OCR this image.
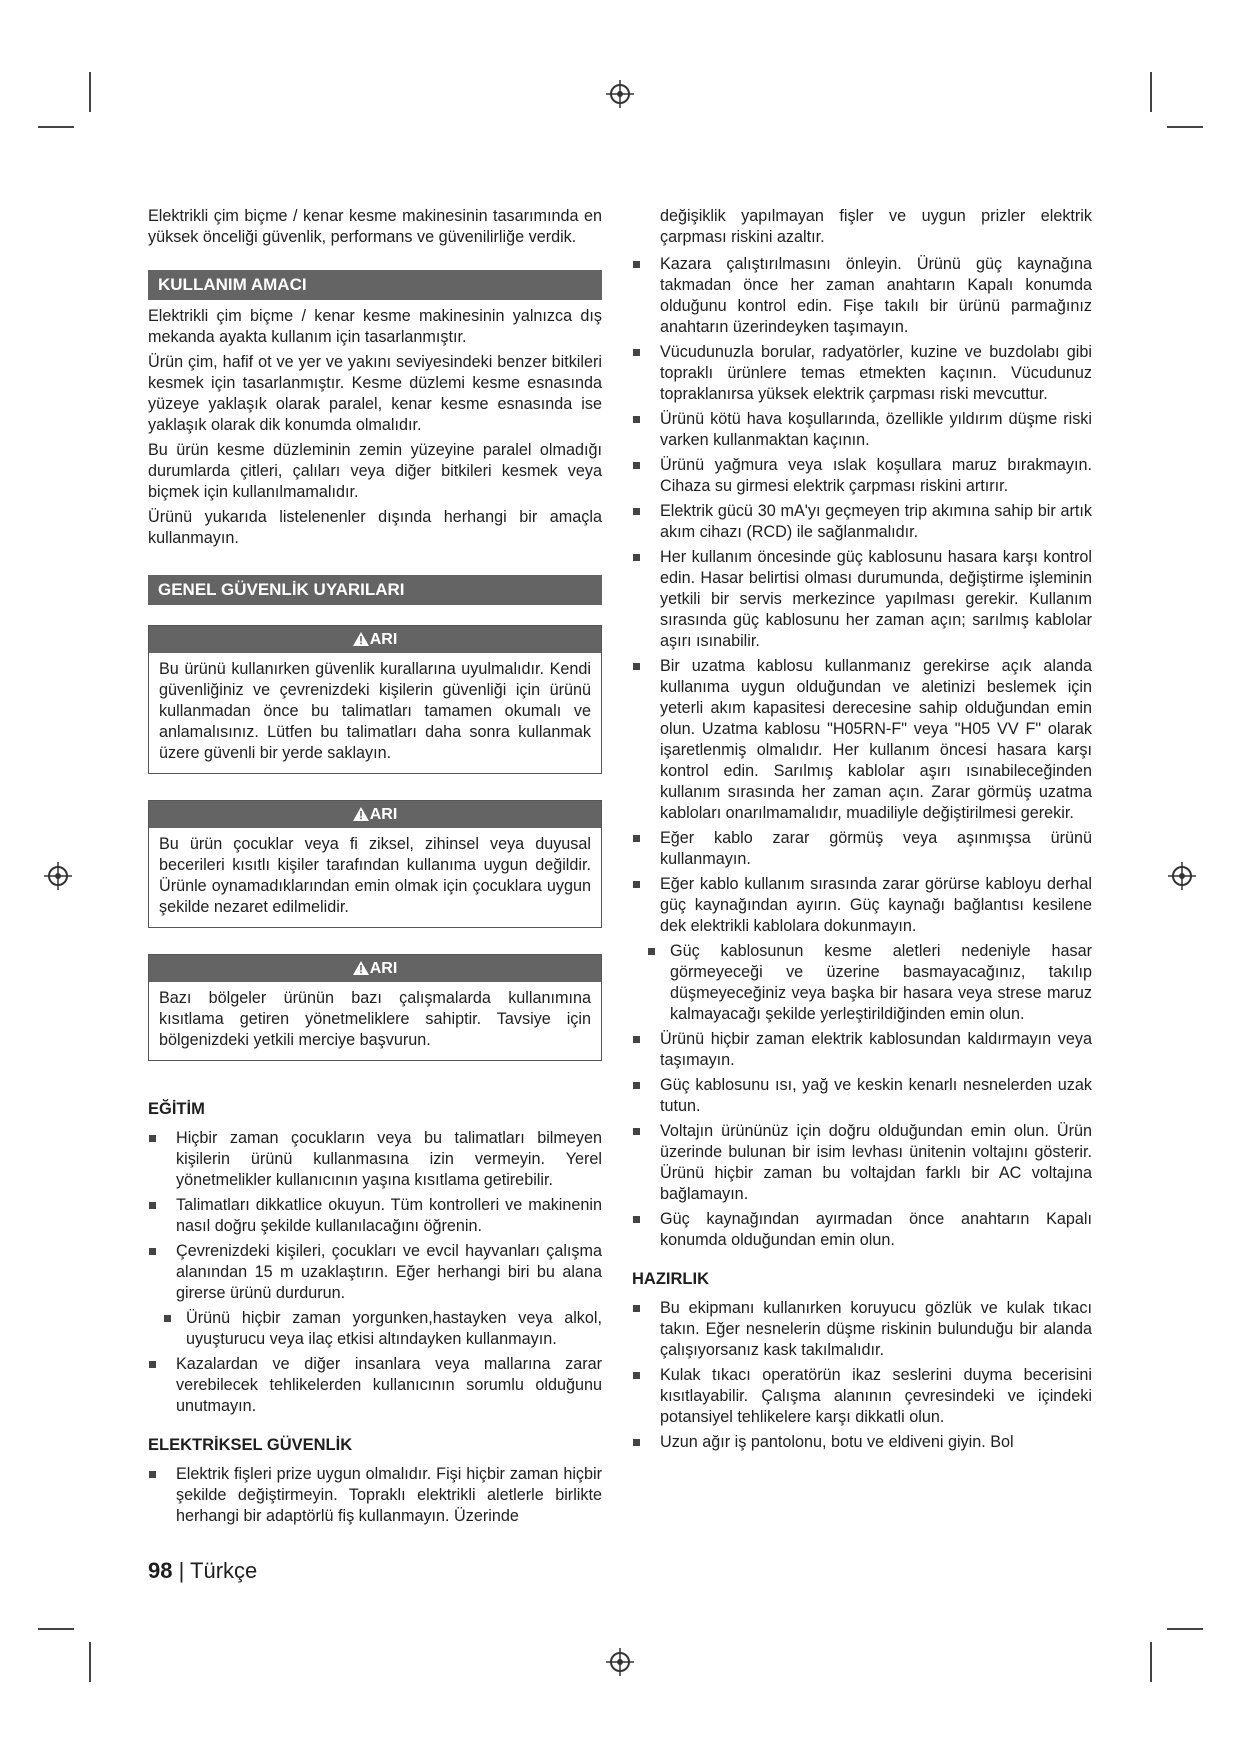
Elektrikli çim biçme / kenar kesme makinesinin tasarımında en yüksek önceliği güvenlik, performans ve güvenilirliğe verdik.

KULLANIM AMACI

Elektrikli çim biçme / kenar kesme makinesinin yalnızca dış mekanda ayakta kullanım için tasarlanmıştır.

Ürün çim, hafif ot ve yer ve yakını seviyesindeki benzer bitkileri kesmek için tasarlanmıştır. Kesme düzlemi kesme esnasında yüzeye yaklaşık olarak paralel, kenar kesme esnasında ise yaklaşık olarak dik konumda olmalıdır.

Bu ürün kesme düzleminin zemin yüzeyine paralel olmadığı durumlarda çitleri, çalıları veya diğer bitkileri kesmek veya biçmek için kullanılmamalıdır.

Ürünü yukarıda listelenenler dışında herhangi bir amaçla kullanmayın.

GENEL GÜVENLİK UYARILARI
ARI
Bu ürünü kullanırken güvenlik kurallarına uyulmalıdır. Kendi güvenliğiniz ve çevrenizdeki kişilerin güvenliği için ürünü kullanmadan önce bu talimatları tamamen okumalı ve anlamalısınız. Lütfen bu talimatları daha sonra kullanmak üzere güvenli bir yerde saklayın.
ARI
Bu ürün çocuklar veya fi ziksel, zihinsel veya duyusal becerileri kısıtlı kişiler tarafından kullanıma uygun değildir. Ürünle oynamadıklarından emin olmak için çocuklara uygun şekilde nezaret edilmelidir.
ARI
Bazı bölgeler ürünün bazı çalışmalarda kullanımına kısıtlama getiren yönetmeliklere sahiptir. Tavsiye için bölgenizdeki yetkili merciye başvurun.
EĞİTİM
Hiçbir zaman çocukların veya bu talimatları bilmeyen kişilerin ürünü kullanmasına izin vermeyin. Yerel yönetmelikler kullanıcının yaşına kısıtlama getirebilir.
Talimatları dikkatlice okuyun. Tüm kontrolleri ve makinenin nasıl doğru şekilde kullanılacağını öğrenin.
Çevrenizdeki kişileri, çocukları ve evcil hayvanları çalışma alanından 15 m uzaklaştırın. Eğer herhangi biri bu alana girerse ürünü durdurun.
Ürünü hiçbir zaman yorgunken,hastayken veya alkol, uyuşturucu veya ilaç etkisi altındayken kullanmayın.
Kazalardan ve diğer insanlara veya mallarına zarar verebilecek tehlikelerden kullanıcının sorumlu olduğunu unutmayın.
ELEKTRİKSEL GÜVENLİK
Elektrik fişleri prize uygun olmalıdır. Fişi hiçbir zaman hiçbir şekilde değiştirmeyin. Topraklı elektrikli aletlerle birlikte herhangi bir adaptörlü fiş kullanmayın. Üzerinde

değişiklik yapılmayan fişler ve uygun prizler elektrik çarpması riskini azaltır.

Kazara çalıştırılmasını önleyin. Ürünü güç kaynağına takmadan önce her zaman anahtarın Kapalı konumda olduğunu kontrol edin. Fişe takılı bir ürünü parmağınız anahtarın üzerindeyken taşımayın.
Vücudunuzla borular, radyatörler, kuzine ve buzdolabı gibi topraklı ürünlere temas etmekten kaçının. Vücudunuz topraklanırsa yüksek elektrik çarpması riski mevcuttur.
Ürünü kötü hava koşullarında, özellikle yıldırım düşme riski varken kullanmaktan kaçının.
Ürünü yağmura veya ıslak koşullara maruz bırakmayın. Cihaza su girmesi elektrik çarpması riskini artırır.
Elektrik gücü 30 mA'yı geçmeyen trip akımına sahip bir artık akım cihazı (RCD) ile sağlanmalıdır.
Her kullanım öncesinde güç kablosunu hasara karşı kontrol edin. Hasar belirtisi olması durumunda, değiştirme işleminin yetkili bir servis merkezince yapılması gerekir. Kullanım sırasında güç kablosunu her zaman açın; sarılmış kablolar aşırı ısınabilir.
Bir uzatma kablosu kullanmanız gerekirse açık alanda kullanıma uygun olduğundan ve aletinizi beslemek için yeterli akım kapasitesi derecesine sahip olduğundan emin olun. Uzatma kablosu "H05RN-F" veya "H05 VV F" olarak işaretlenmiş olmalıdır. Her kullanım öncesi hasara karşı kontrol edin. Sarılmış kablolar aşırı ısınabileceğinden kullanım sırasında her zaman açın. Zarar görmüş uzatma kabloları onarılmamalıdır, muadiliyle değiştirilmesi gerekir.
Eğer kablo zarar görmüş veya aşınmışsa ürünü kullanmayın.
Eğer kablo kullanım sırasında zarar görürse kabloyu derhal güç kaynağından ayırın. Güç kaynağı bağlantısı kesilene dek elektrikli kablolara dokunmayın.
Güç kablosunun kesme aletleri nedeniyle hasar görmeyeceği ve üzerine basmayacağınız, takılıp düşmeyeceğiniz veya başka bir hasara veya strese maruz kalmayacağı şekilde yerleştirildiğinden emin olun.
Ürünü hiçbir zaman elektrik kablosundan kaldırmayın veya taşımayın.
Güç kablosunu ısı, yağ ve keskin kenarlı nesnelerden uzak tutun.
Voltajın ürününüz için doğru olduğundan emin olun. Ürün üzerinde bulunan bir isim levhası ünitenin voltajını gösterir. Ürünü hiçbir zaman bu voltajdan farklı bir AC voltajına bağlamayın.
Güç kaynağından ayırmadan önce anahtarın Kapalı konumda olduğundan emin olun.
HAZIRLIK
Bu ekipmanı kullanırken koruyucu gözlük ve kulak tıkacı takın. Eğer nesnelerin düşme riskinin bulunduğu bir alanda çalışıyorsanız kask takılmalıdır.
Kulak tıkacı operatörün ikaz seslerini duyma becerisini kısıtlayabilir. Çalışma alanının çevresindeki ve içindeki potansiyel tehlikelere karşı dikkatli olun.
Uzun ağır iş pantolonu, botu ve eldiveni giyin. Bol
98 | Türkçe
